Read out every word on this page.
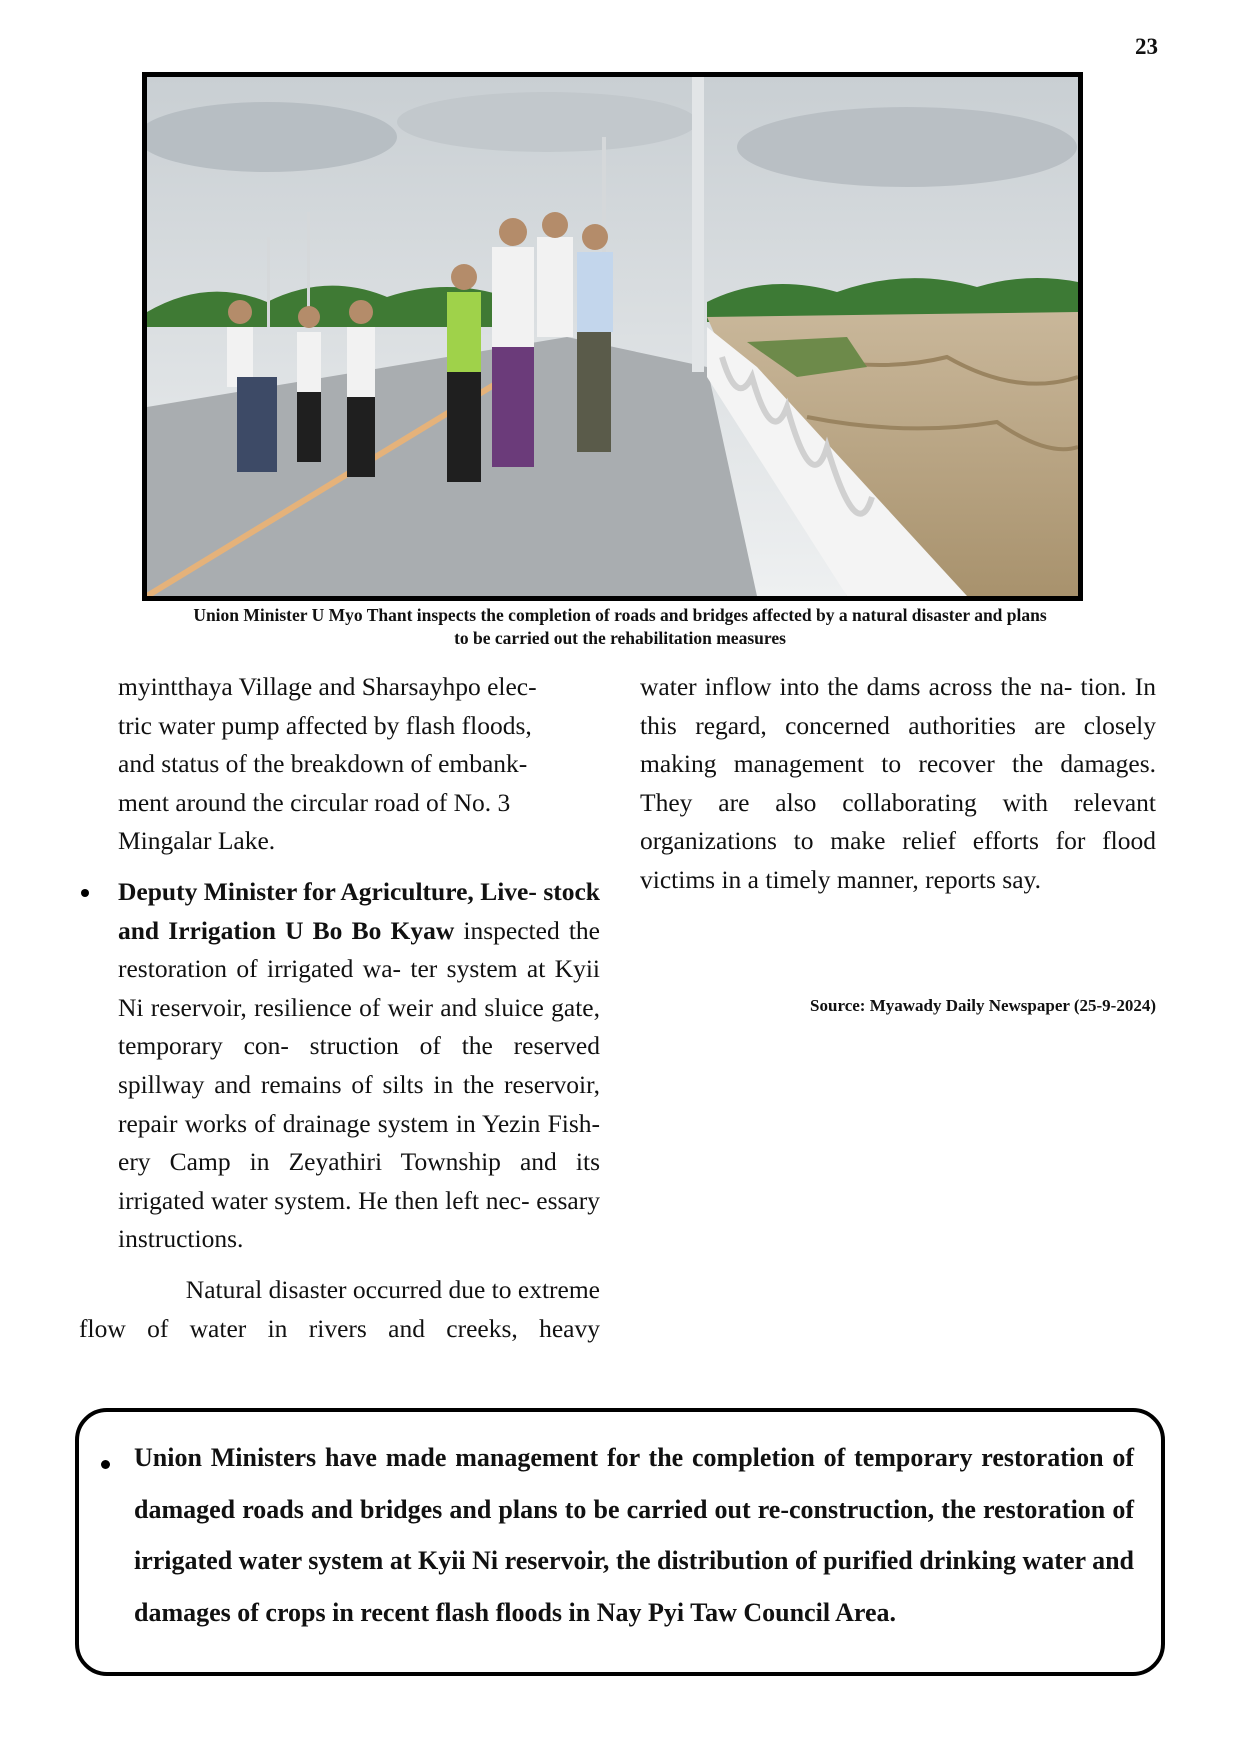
23
Union Minister U Myo Thant inspects the completion of roads and bridges affected by a natural disaster and plans
to be carried out the rehabilitation measures

myintthaya Village and Sharsayhpo elec-
tric water pump affected by flash floods,
and status of the breakdown of embank-
ment around the circular road of No. 3
Mingalar Lake.

Deputy Minister for Agriculture, Live- stock and Irrigation U Bo Bo Kyaw inspected the restoration of irrigated wa- ter system at Kyii Ni reservoir, resilience of weir and sluice gate, temporary con- struction of the reserved spillway and remains of silts in the reservoir, repair works of drainage system in Yezin Fish- ery Camp in Zeyathiri Township and its irrigated water system. He then left nec- essary instructions.

Natural disaster occurred due to extreme
flow of water in rivers and creeks, heavy

water inflow into the dams across the na- tion. In this regard, concerned authorities are closely making management to recover the damages. They are also collaborating with relevant organizations to make relief efforts for flood victims in a timely manner, reports say.

Source: Myawady Daily Newspaper (25-9-2024)
Union Ministers have made management for the completion of temporary restoration of damaged roads and bridges and plans to be carried out re-construction, the restoration of irrigated water system at Kyii Ni reservoir, the distribution of purified drinking water and damages of crops in recent flash floods in Nay Pyi Taw Council Area.
